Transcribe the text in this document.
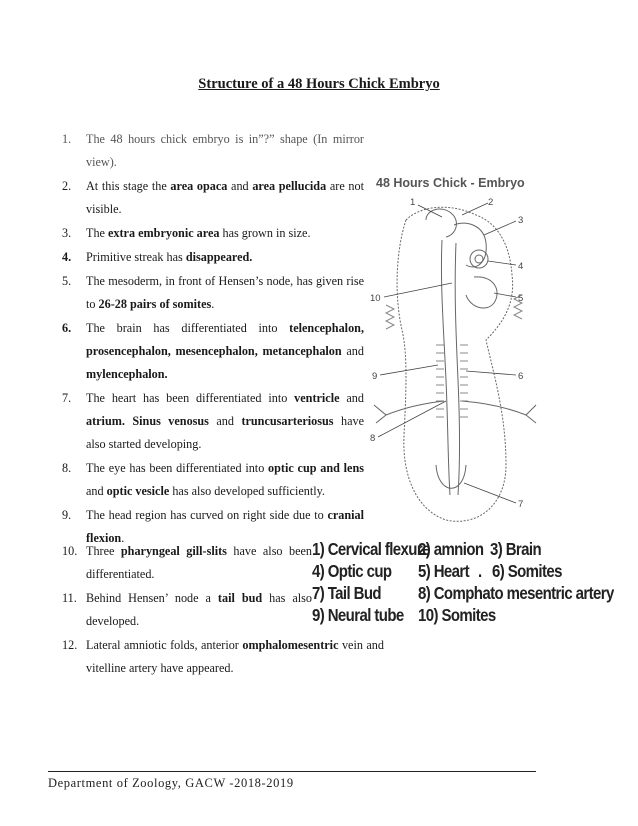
Structure of a 48 Hours Chick Embryo
1. The 48 hours chick embryo is in”?” shape (In mirror view).
2. At this stage the area opaca and area pellucida are not visible.
3. The extra embryonic area has grown in size.
4. Primitive streak has disappeared.
5. The mesoderm, in front of Hensen’s node, has given rise to 26-28 pairs of somites.
6. The brain has differentiated into telencephalon, prosencephalon, mesencephalon, metancephalon and mylencephalon.
7. The heart has been differentiated into ventricle and atrium. Sinus venosus and truncusarteriosus have also started developing.
8. The eye has been differentiated into optic cup and lens and optic vesicle has also developed sufficiently.
9. The head region has curved on right side due to cranial flexion.
48 Hours Chick - Embryo
1	2
3
4
5
6
7
8
9
10
10. Three pharyngeal gill-slits have also been differentiated.
11. Behind Hensen’ node a tail bud has also developed.
12. Lateral amniotic folds, anterior omphalomesentric vein and vitelline artery have appeared.
1) Cervical flexure
2) amnion 3) Brain
4) Optic cup 5) Heart . 6) Somites
7) Tail Bud 8) Comphato mesentric artery
9) Neural tube 10) Somites
Department of Zoology, GACW -2018-2019
